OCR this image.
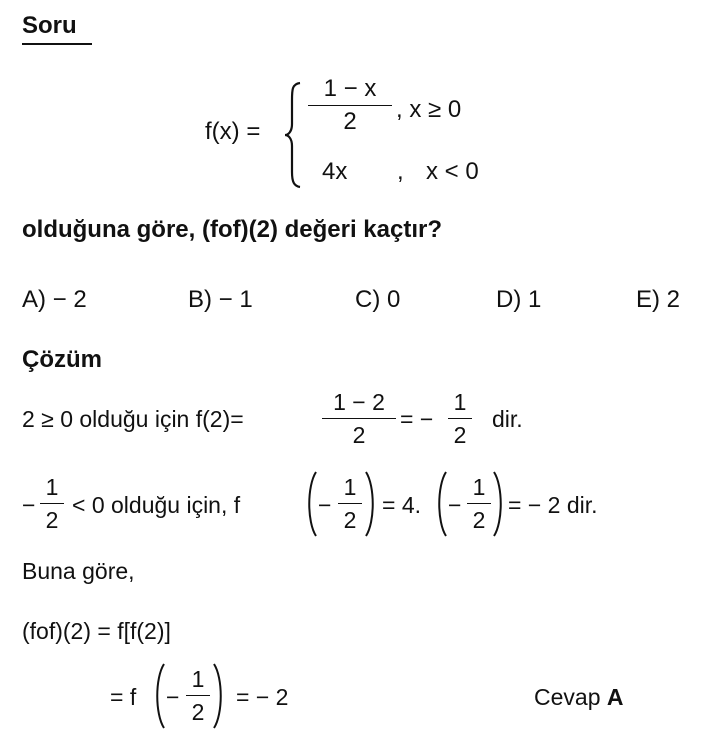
Soru
f(x) =
1 − x
2	, x ≥ 0
4x , x < 0
olduğuna göre, (fof)(2) değeri kaçtır?
A) − 2	B) − 1	C) 0	D) 1	E) 2
Çözüm
2 ≥ 0 olduğu için f(2)=
1 − 2
2
= −
1
2
dir.
−
1
2
< 0 olduğu için, f	−
1
2
= 4. −
1
2
= − 2 dir.
Buna göre,
(fof)(2) = f[f(2)]
= f −
1
2
= − 2	Cevap A
